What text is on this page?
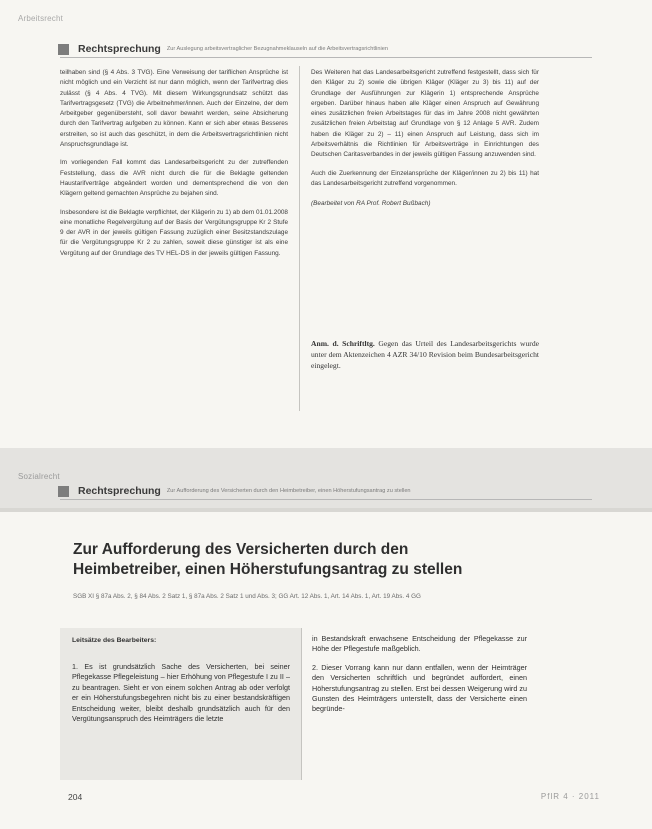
Arbeitsrecht
Rechtsprechung Zur Auslegung arbeitsvertraglicher Bezugnahmeklauseln auf die Arbeitsvertragsrichtlinien

teilhaben sind (§ 4 Abs. 3 TVG). Eine Verweisung der tariflichen Ansprüche ist nicht möglich und ein Verzicht ist nur dann möglich, wenn der Tarifvertrag dies zulässt (§ 4 Abs. 4 TVG). Mit diesem Wirkungsgrundsatz schützt das Tarifvertragsgesetz (TVG) die Arbeitnehmer/innen. Auch der Einzelne, der dem Arbeitgeber gegenübersteht, soll davor bewahrt werden, seine Absicherung durch den Tarifvertrag aufgeben zu können. Kann er sich aber etwas Besseres erstreiten, so ist auch das geschützt, in dem die Arbeitsvertragsrichtlinien nicht Anspruchsgrundlage ist.

Im vorliegenden Fall kommt das Landesarbeitsgericht zu der zutreffenden Feststellung, dass die AVR nicht durch die für die Beklagte geltenden Haustarifverträge abgeändert worden und dementsprechend die von den Klägern geltend gemachten Ansprüche zu bejahen sind.

Insbesondere ist die Beklagte verpflichtet, der Klägerin zu 1) ab dem 01.01.2008 eine monatliche Regelvergütung auf der Basis der Vergütungsgruppe Kr 2 Stufe 9 der AVR in der jeweils gültigen Fassung zuzüglich einer Besitzstandszulage für die Vergütungsgruppe Kr 2 zu zahlen, soweit diese günstiger ist als eine Vergütung auf der Grundlage des TV HEL-DS in der jeweils gültigen Fassung.

Des Weiteren hat das Landesarbeitsgericht zutreffend festgestellt, dass sich für den Kläger zu 2) sowie die übrigen Kläger (Kläger zu 3) bis 11) auf der Grundlage der Ausführungen zur Klägerin 1) entsprechende Ansprüche ergeben. Darüber hinaus haben alle Kläger einen Anspruch auf Gewährung eines zusätzlichen freien Arbeitstages für das im Jahre 2008 nicht gewährten zusätzlichen freien Arbeitstag auf Grundlage von § 12 Anlage 5 AVR. Zudem haben die Kläger zu 2) – 11) einen Anspruch auf Leistung, dass sich im Arbeitsverhältnis die Richtlinien für Arbeitsverträge in Einrichtungen des Deutschen Caritasverbandes in der jeweils gültigen Fassung anzuwenden sind.

Auch die Zuerkennung der Einzelansprüche der Kläger/innen zu 2) bis 11) hat das Landesarbeitsgericht zutreffend vorgenommen.

(Bearbeitet von RA Prof. Robert Bußbach)

Anm. d. Schriftltg. Gegen das Urteil des Landesarbeitsgerichts wurde unter dem Aktenzeichen 4 AZR 34/10 Revision beim Bundesarbeitsgericht eingelegt.
Sozialrecht
Rechtsprechung Zur Aufforderung des Versicherten durch den Heimbetreiber, einen Höherstufungsantrag zu stellen
Zur Aufforderung des Versicherten durch den
Heimbetreiber, einen Höherstufungsantrag zu stellen
SGB XI § 87a Abs. 2, § 84 Abs. 2 Satz 1, § 87a Abs. 2 Satz 1 und Abs. 3; GG Art. 12 Abs. 1, Art. 14 Abs. 1, Art. 19 Abs. 4 GG
Leitsätze des Bearbeiters:

1. Es ist grundsätzlich Sache des Versicherten, bei seiner Pflegekasse Pflegeleistung – hier Erhöhung von Pflegestufe I zu II – zu beantragen. Sieht er von einem solchen Antrag ab oder verfolgt er ein Höherstufungsbegehren nicht bis zu einer bestandskräftigen Entscheidung weiter, bleibt deshalb grundsätzlich auch für den Vergütungsanspruch des Heimträgers die letzte

in Bestandskraft erwachsene Entscheidung der Pflegekasse zur Höhe der Pflegestufe maßgeblich.

2. Dieser Vorrang kann nur dann entfallen, wenn der Heimträger den Versicherten schriftlich und begründet auffordert, einen Höherstufungsantrag zu stellen. Erst bei dessen Weigerung wird zu Gunsten des Heimträgers unterstellt, dass der Versicherte einen begründe-

204	PflR 4 · 2011
